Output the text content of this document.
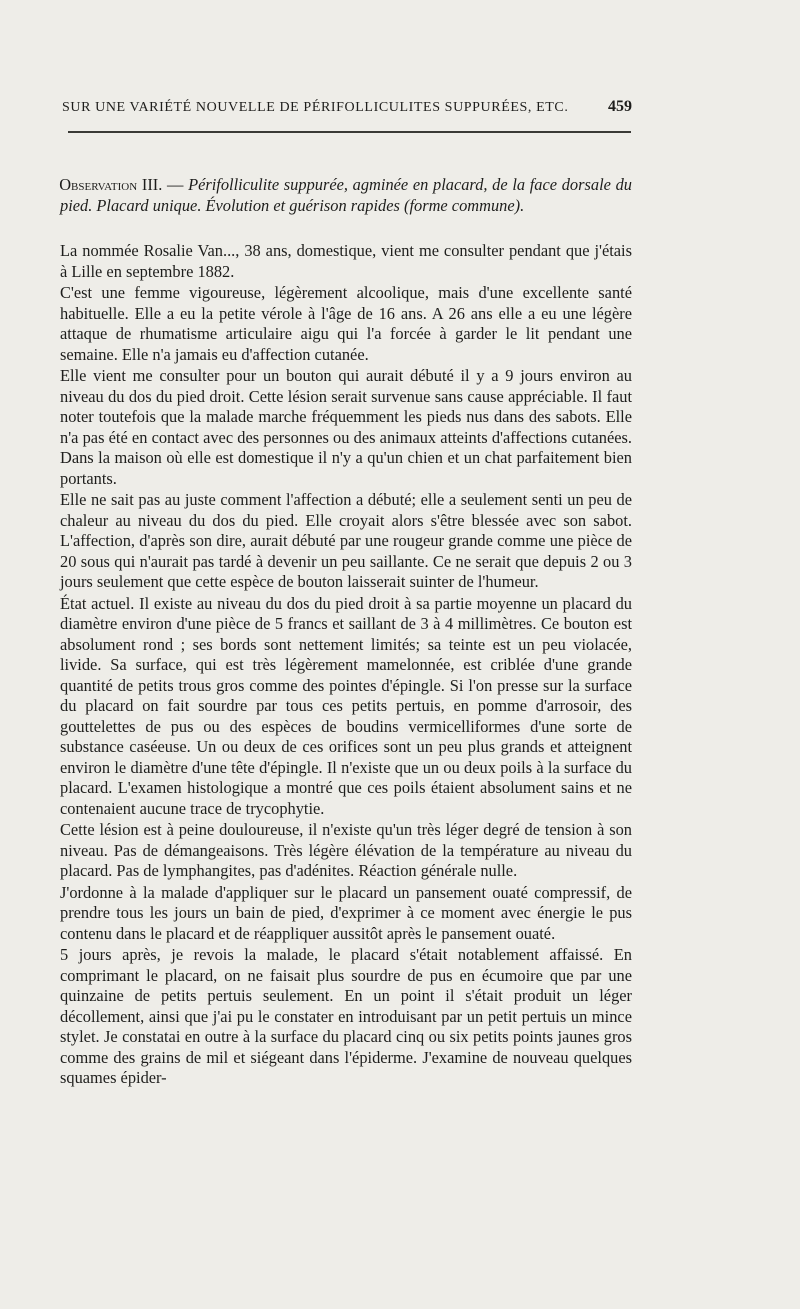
SUR UNE VARIÉTÉ NOUVELLE DE PÉRIFOLLICULITES SUPPURÉES, ETC. 459

Observation III. — Périfolliculite suppurée, agminée en placard, de la face dorsale du pied. Placard unique. Évolution et guérison rapides (forme commune).

La nommée Rosalie Van..., 38 ans, domestique, vient me consulter pendant que j'étais à Lille en septembre 1882.

C'est une femme vigoureuse, légèrement alcoolique, mais d'une excellente santé habituelle. Elle a eu la petite vérole à l'âge de 16 ans. A 26 ans elle a eu une légère attaque de rhumatisme articulaire aigu qui l'a forcée à garder le lit pendant une semaine. Elle n'a jamais eu d'affection cutanée.

Elle vient me consulter pour un bouton qui aurait débuté il y a 9 jours environ au niveau du dos du pied droit. Cette lésion serait survenue sans cause appréciable. Il faut noter toutefois que la malade marche fréquemment les pieds nus dans des sabots. Elle n'a pas été en contact avec des personnes ou des animaux atteints d'affections cutanées. Dans la maison où elle est domestique il n'y a qu'un chien et un chat parfaitement bien portants.

Elle ne sait pas au juste comment l'affection a débuté; elle a seulement senti un peu de chaleur au niveau du dos du pied. Elle croyait alors s'être blessée avec son sabot. L'affection, d'après son dire, aurait débuté par une rougeur grande comme une pièce de 20 sous qui n'aurait pas tardé à devenir un peu saillante. Ce ne serait que depuis 2 ou 3 jours seulement que cette espèce de bouton laisserait suinter de l'humeur.

État actuel. Il existe au niveau du dos du pied droit à sa partie moyenne un placard du diamètre environ d'une pièce de 5 francs et saillant de 3 à 4 millimètres. Ce bouton est absolument rond ; ses bords sont nettement limités; sa teinte est un peu violacée, livide. Sa surface, qui est très légèrement mamelonnée, est criblée d'une grande quantité de petits trous gros comme des pointes d'épingle. Si l'on presse sur la surface du placard on fait sourdre par tous ces petits pertuis, en pomme d'arrosoir, des gouttelettes de pus ou des espèces de boudins vermicelliformes d'une sorte de substance caséeuse. Un ou deux de ces orifices sont un peu plus grands et atteignent environ le diamètre d'une tête d'épingle. Il n'existe que un ou deux poils à la surface du placard. L'examen histologique a montré que ces poils étaient absolument sains et ne contenaient aucune trace de trycophytie.

Cette lésion est à peine douloureuse, il n'existe qu'un très léger degré de tension à son niveau. Pas de démangeaisons. Très légère élévation de la température au niveau du placard. Pas de lymphangites, pas d'adénites. Réaction générale nulle.

J'ordonne à la malade d'appliquer sur le placard un pansement ouaté compressif, de prendre tous les jours un bain de pied, d'exprimer à ce moment avec énergie le pus contenu dans le placard et de réappliquer aussitôt après le pansement ouaté.

5 jours après, je revois la malade, le placard s'était notablement affaissé. En comprimant le placard, on ne faisait plus sourdre de pus en écumoire que par une quinzaine de petits pertuis seulement. En un point il s'était produit un léger décollement, ainsi que j'ai pu le constater en introduisant par un petit pertuis un mince stylet. Je constatai en outre à la surface du placard cinq ou six petits points jaunes gros comme des grains de mil et siégeant dans l'épiderme. J'examine de nouveau quelques squames épider-
